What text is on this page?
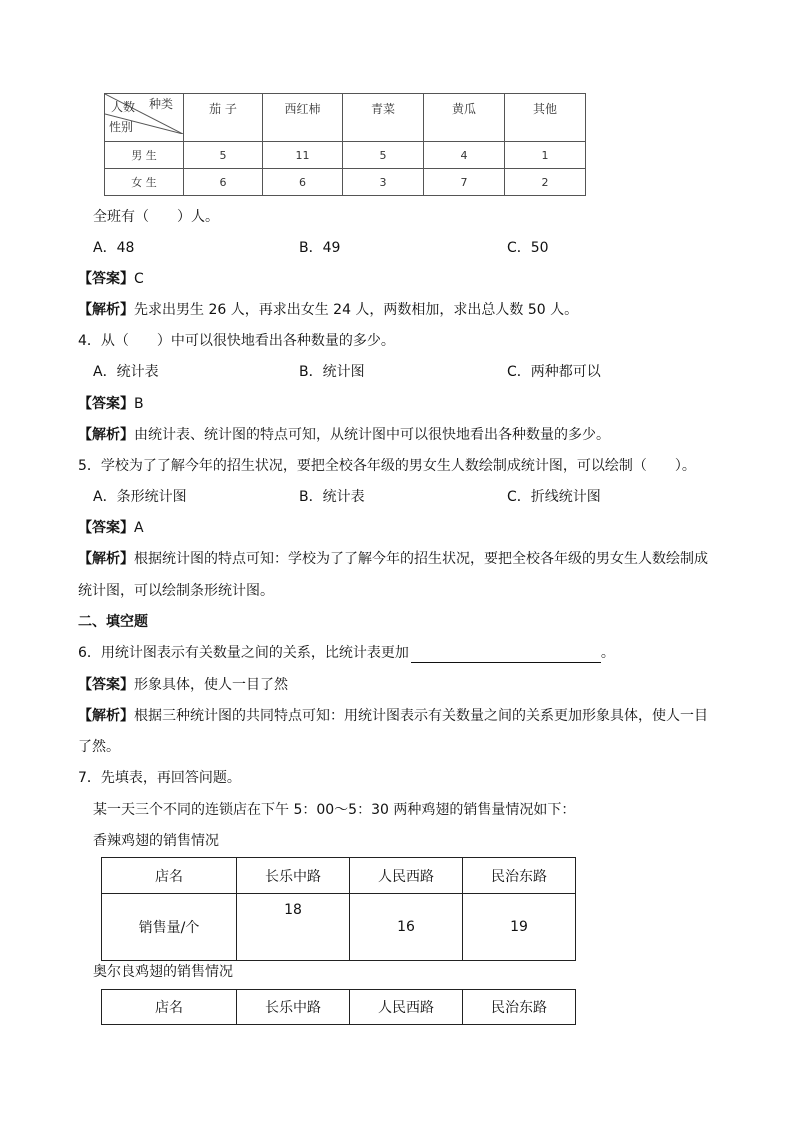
人数 种类
性别	茄 子	西红柿	青菜	黄瓜	其他
男 生	5	11	5	4	1
女 生	6	6	3	7	2
全班有（　　）人。
A．48	B．49	C．50
【答案】C
【解析】先求出男生 26 人，再求出女生 24 人，两数相加，求出总人数 50 人。
4．从（　　）中可以很快地看出各种数量的多少。
A．统计表	B．统计图	C．两种都可以
【答案】B
【解析】由统计表、统计图的特点可知，从统计图中可以很快地看出各种数量的多少。
5．学校为了了解今年的招生状况，要把全校各年级的男女生人数绘制成统计图，可以绘制（　　）。
A．条形统计图	B．统计表	C．折线统计图
【答案】A
【解析】根据统计图的特点可知：学校为了了解今年的招生状况，要把全校各年级的男女生人数绘制成
统计图，可以绘制条形统计图。
二、填空题
6．用统计图表示有关数量之间的关系，比统计表更加	。
【答案】形象具体，使人一目了然
【解析】根据三种统计图的共同特点可知：用统计图表示有关数量之间的关系更加形象具体，使人一目
了然。
7．先填表，再回答问题。
某一天三个不同的连锁店在下午 5：00～5：30 两种鸡翅的销售量情况如下：
香辣鸡翅的销售情况
店名	长乐中路	人民西路	民治东路
销售量/个	18	16	19
奥尔良鸡翅的销售情况
店名	长乐中路	人民西路	民治东路
